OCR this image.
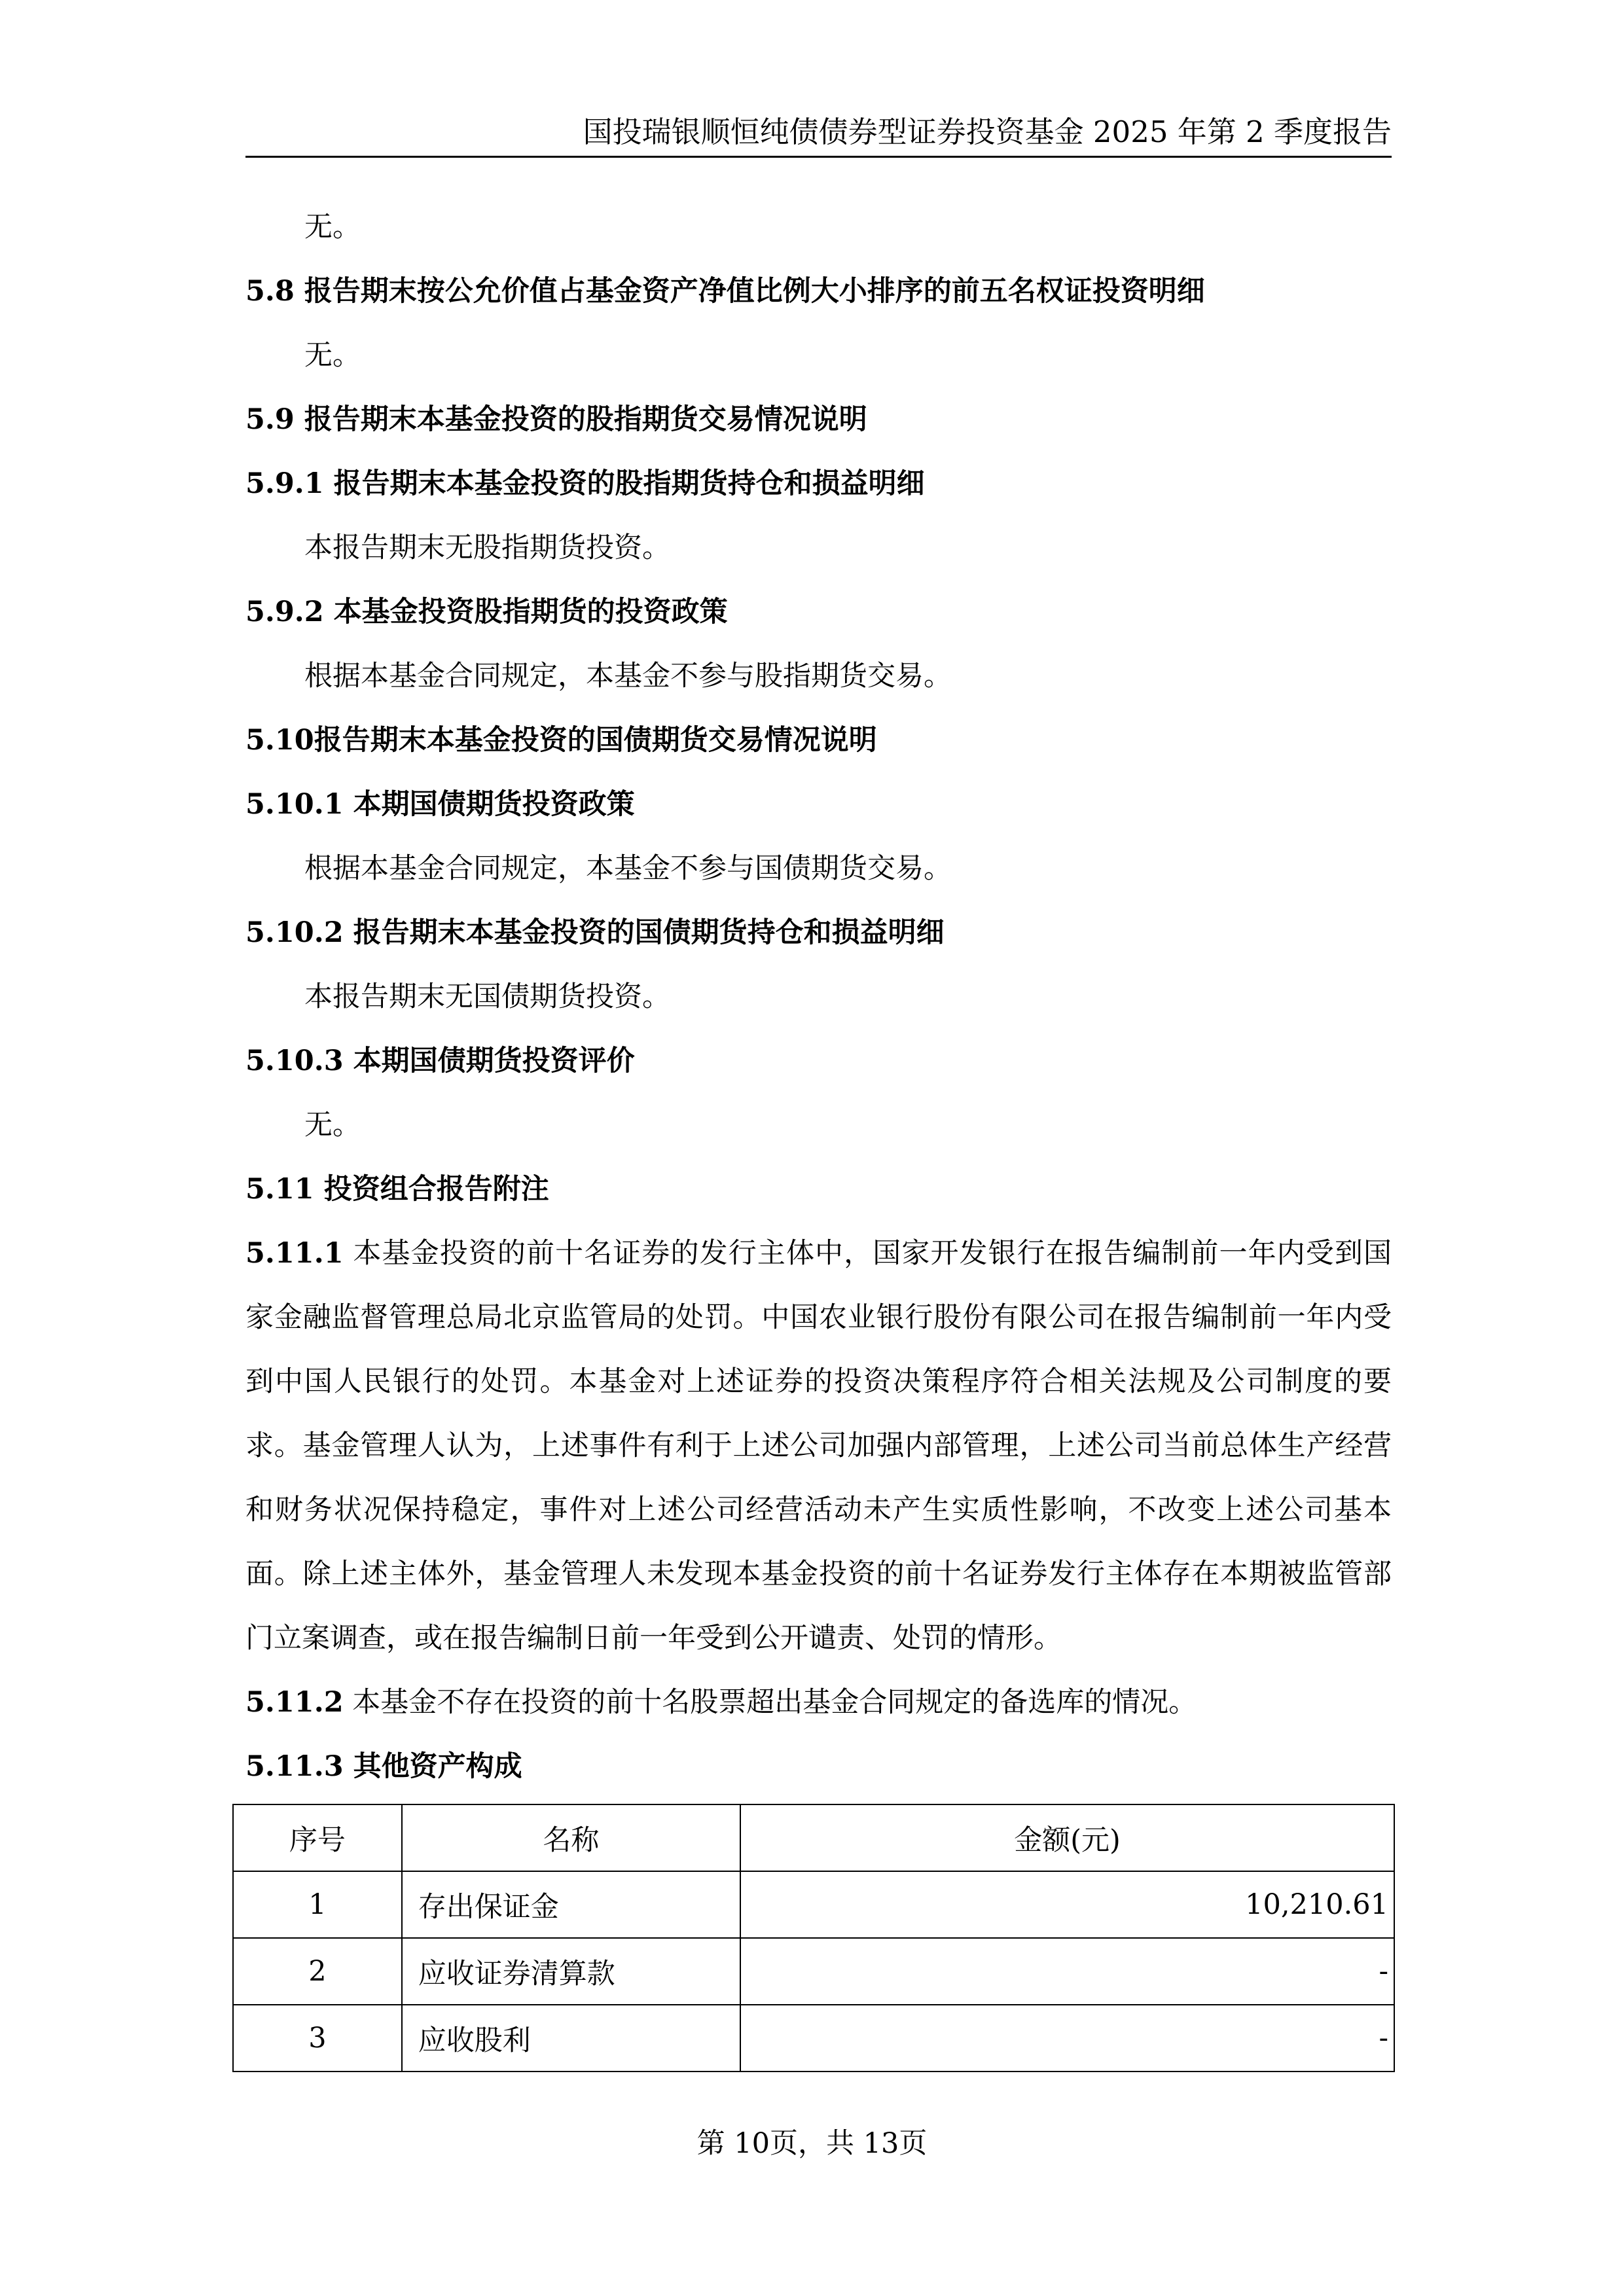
国投瑞银顺恒纯债债券型证券投资基金 2025 年第 2 季度报告
无。
5.8 报告期末按公允价值占基金资产净值比例大小排序的前五名权证投资明细
无。
5.9 报告期末本基金投资的股指期货交易情况说明
5.9.1 报告期末本基金投资的股指期货持仓和损益明细
本报告期末无股指期货投资。
5.9.2 本基金投资股指期货的投资政策
根据本基金合同规定，本基金不参与股指期货交易。
5.10报告期末本基金投资的国债期货交易情况说明
5.10.1 本期国债期货投资政策
根据本基金合同规定，本基金不参与国债期货交易。
5.10.2 报告期末本基金投资的国债期货持仓和损益明细
本报告期末无国债期货投资。
5.10.3 本期国债期货投资评价
无。
5.11 投资组合报告附注
5.11.1 本基金投资的前十名证券的发行主体中，国家开发银行在报告编制前一年内受到国家金融监督管理总局北京监管局的处罚。中国农业银行股份有限公司在报告编制前一年内受到中国人民银行的处罚。本基金对上述证券的投资决策程序符合相关法规及公司制度的要求。基金管理人认为，上述事件有利于上述公司加强内部管理，上述公司当前总体生产经营和财务状况保持稳定，事件对上述公司经营活动未产生实质性影响，不改变上述公司基本面。除上述主体外，基金管理人未发现本基金投资的前十名证券发行主体存在本期被监管部门立案调查，或在报告编制日前一年受到公开谴责、处罚的情形。
5.11.2 本基金不存在投资的前十名股票超出基金合同规定的备选库的情况。
5.11.3 其他资产构成
序号	名称	金额(元)
1	存出保证金	10,210.61
2	应收证券清算款	-
3	应收股利	-
第 10页，共 13页
